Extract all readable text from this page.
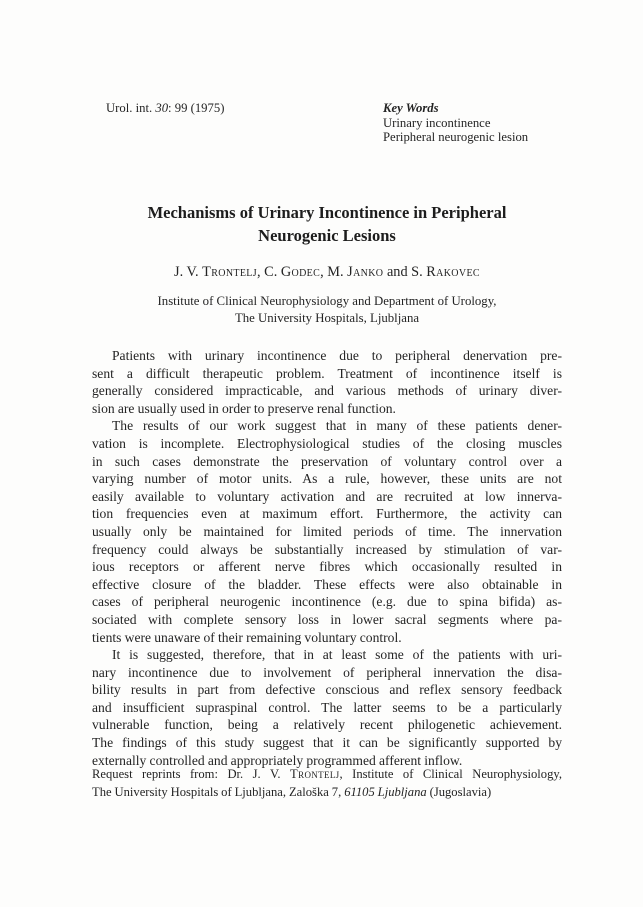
Urol. int. 30: 99 (1975)	Key Words
Urinary incontinence
Peripheral neurogenic lesion
Mechanisms of Urinary Incontinence in Peripheral
Neurogenic Lesions
J. V. Trontelj, C. Godec, M. Janko and S. Rakovec
Institute of Clinical Neurophysiology and Department of Urology,
The University Hospitals, Ljubljana
Patients with urinary incontinence due to peripheral denervation pre-
sent a difficult therapeutic problem. Treatment of incontinence itself is
generally considered impracticable, and various methods of urinary diver-
sion are usually used in order to preserve renal function.
The results of our work suggest that in many of these patients dener-
vation is incomplete. Electrophysiological studies of the closing muscles
in such cases demonstrate the preservation of voluntary control over a
varying number of motor units. As a rule, however, these units are not
easily available to voluntary activation and are recruited at low innerva-
tion frequencies even at maximum effort. Furthermore, the activity can
usually only be maintained for limited periods of time. The innervation
frequency could always be substantially increased by stimulation of var-
ious receptors or afferent nerve fibres which occasionally resulted in
effective closure of the bladder. These effects were also obtainable in
cases of peripheral neurogenic incontinence (e.g. due to spina bifida) as-
sociated with complete sensory loss in lower sacral segments where pa-
tients were unaware of their remaining voluntary control.
It is suggested, therefore, that in at least some of the patients with uri-
nary incontinence due to involvement of peripheral innervation the disa-
bility results in part from defective conscious and reflex sensory feedback
and insufficient supraspinal control. The latter seems to be a particularly
vulnerable function, being a relatively recent philogenetic achievement.
The findings of this study suggest that it can be significantly supported by
externally controlled and appropriately programmed afferent inflow.
Request reprints from: Dr. J. V. Trontelj, Institute of Clinical Neurophysiology,
The University Hospitals of Ljubljana, Zaloška 7, 61105 Ljubljana (Jugoslavia)
